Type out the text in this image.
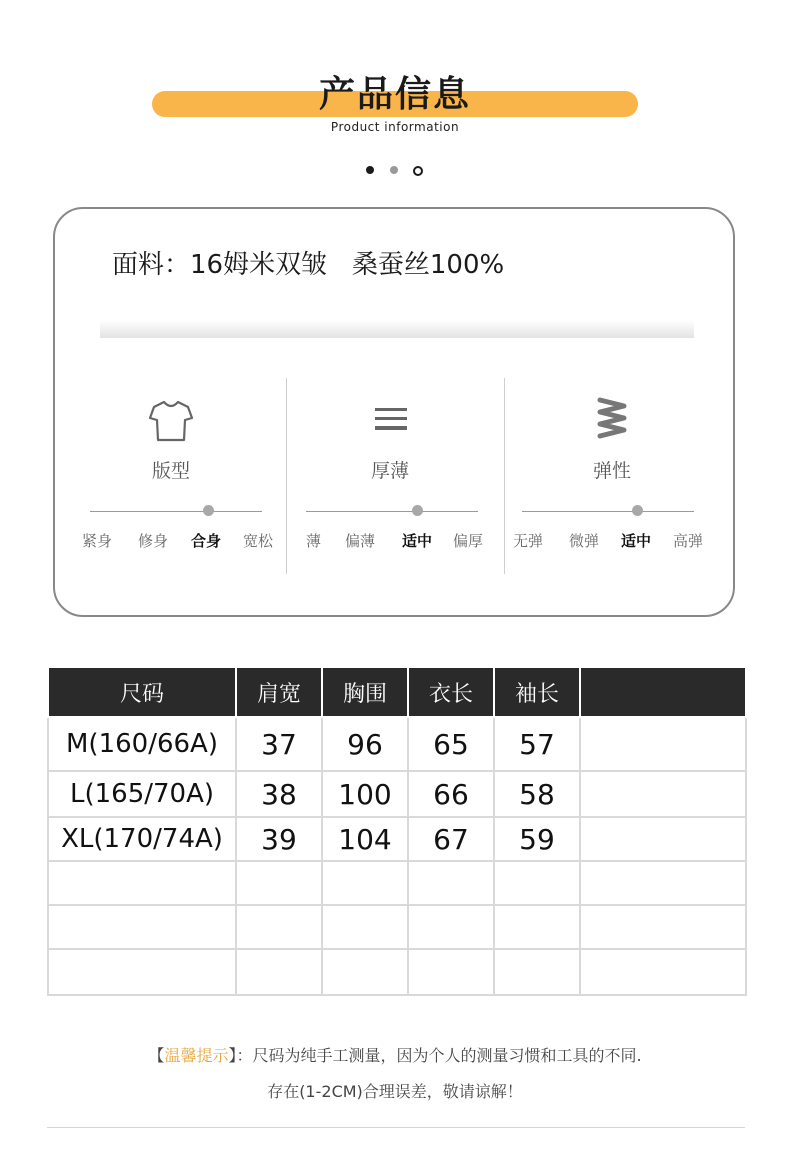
产品信息
Product information
面料：16姆米双皱   桑蚕丝100%
版型
紧身 修身 合身 宽松
厚薄
薄 偏薄 适中 偏厚
弹性
无弹 微弹 适中 高弹
尺码	肩宽	胸围	衣长	袖长	
M(160/66A)	37	96	65	57	
L(165/70A)	38	100	66	58	
XL(170/74A)	39	104	67	59	

【温馨提示】：尺码为纯手工测量，因为个人的测量习惯和工具的不同.
存在(1-2CM)合理误差，敬请谅解！
